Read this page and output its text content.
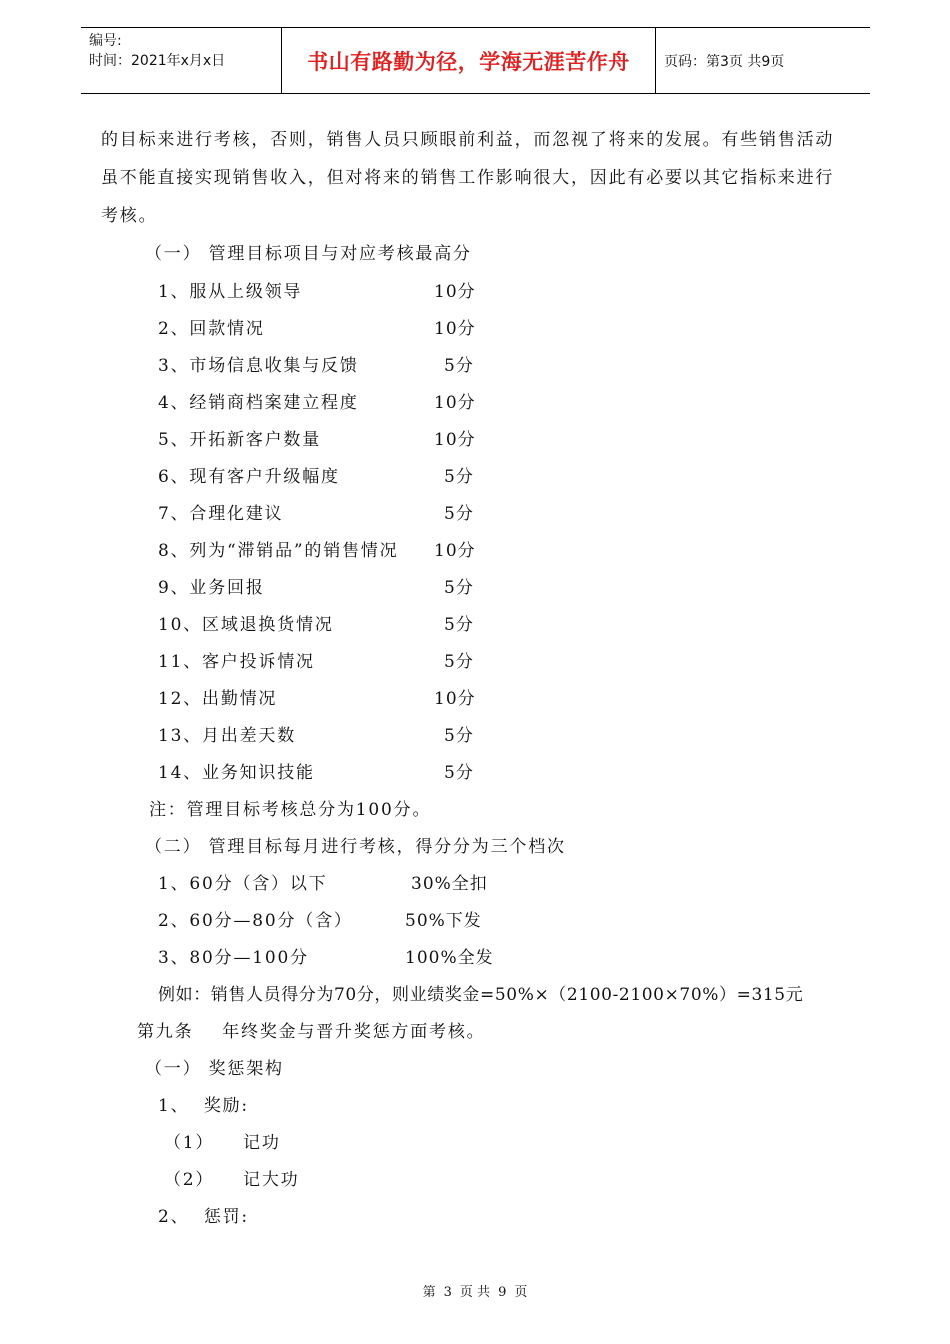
编号:
时间：2021年x月x日	书山有路勤为径，学海无涯苦作舟 页码：第3页 共9页
的目标来进行考核，否则，销售人员只顾眼前利益，而忽视了将来的发展。有些销售活动
虽不能直接实现销售收入，但对将来的销售工作影响很大，因此有必要以其它指标来进行
考核。
（一） 管理目标项目与对应考核最高分
1、服从上级领导	10分
2、回款情况	10分
3、市场信息收集与反馈	5分
4、经销商档案建立程度	10分
5、开拓新客户数量	10分
6、现有客户升级幅度	5分
7、合理化建议	5分
8、列为“滞销品”的销售情况 10分
9、业务回报	5分
10、区域退换货情况	5分
11、客户投诉情况	5分
12、出勤情况	10分
13、月出差天数	5分
14、业务知识技能	5分
注：管理目标考核总分为100分。
（二） 管理目标每月进行考核，得分分为三个档次
1、60分（含）以下	30%全扣
2、60分—80分（含）	50%下发
3、80分—100分	100%全发
例如：销售人员得分为70分，则业绩奖金=50%×（2100-2100×70%）=315元
第九条    年终奖金与晋升奖惩方面考核。
（一） 奖惩架构
1、  奖励:
（1）    记功
（2）    记大功
2、  惩罚:
第 3 页 共 9 页
